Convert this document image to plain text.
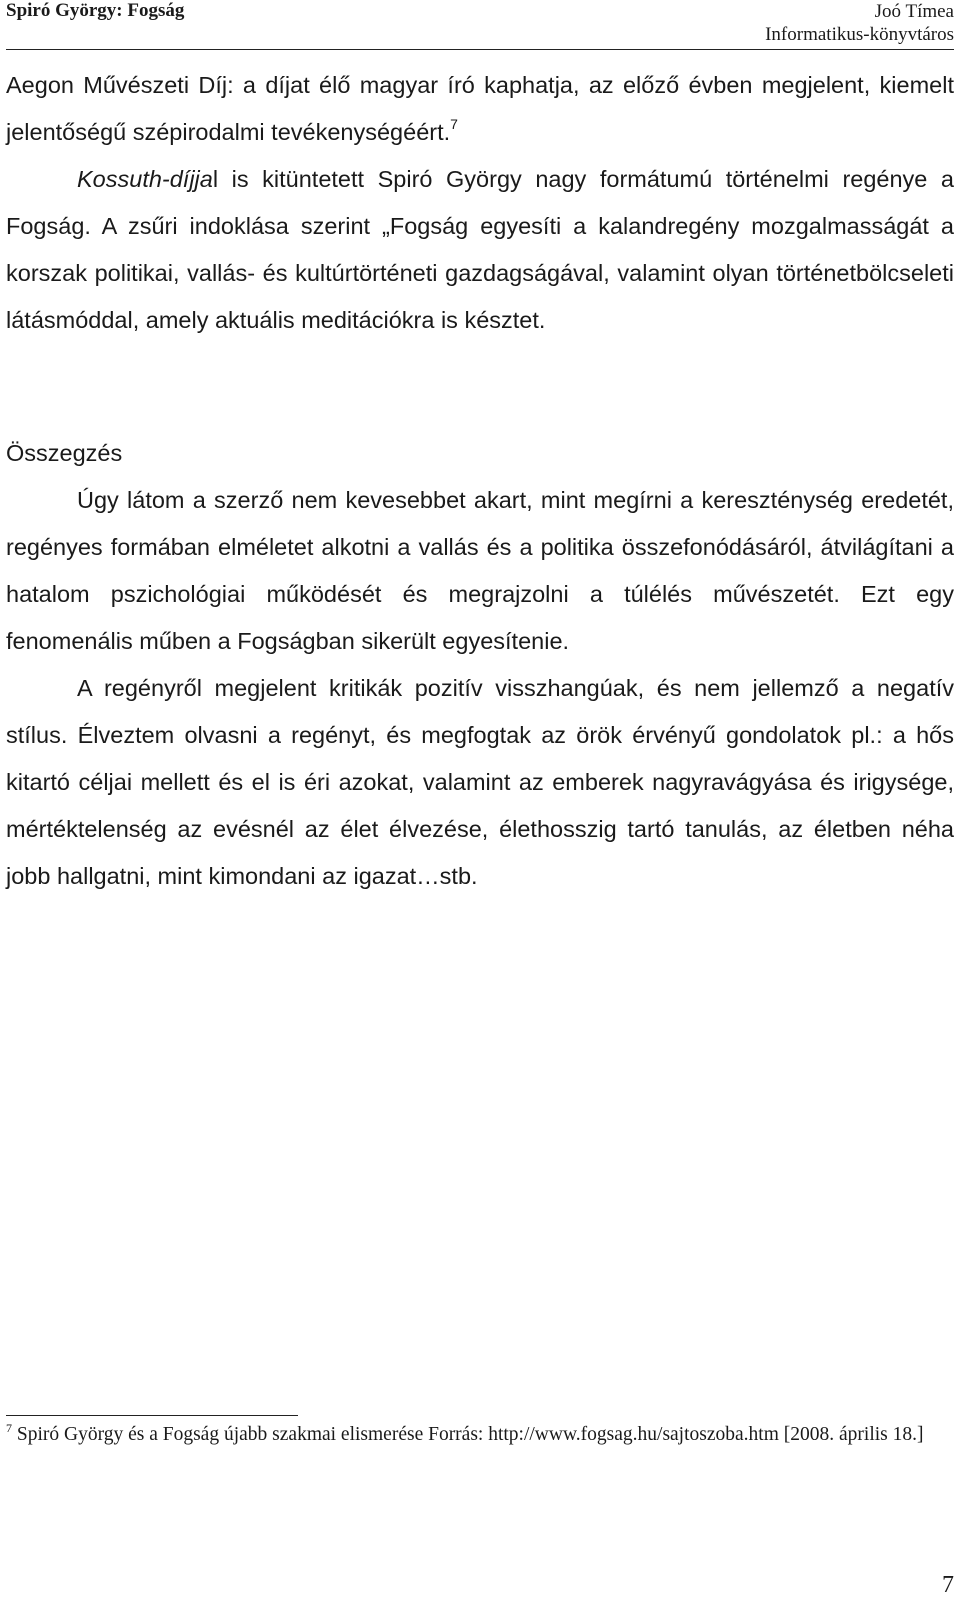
Spiró György: Fogság	Joó Tímea
Informatikus-könyvtáros

Aegon Művészeti Díj: a díjat élő magyar író kaphatja, az előző évben megjelent, kiemelt jelentőségű szépirodalmi tevékenységéért.$^7$

Kossuth-díjjal is kitüntetett Spiró György nagy formátumú történelmi regénye a Fogság. A zsűri indoklása szerint „Fogság egyesíti a kalandregény mozgalmasságát a korszak politikai, vallás- és kultúrtörténeti gazdagságával, valamint olyan történetbölcseleti látásmóddal, amely aktuális meditációkra is késztet.

Összegzés

Úgy látom a szerző nem kevesebbet akart, mint megírni a kereszténység eredetét, regényes formában elméletet alkotni a vallás és a politika összefonódásáról, átvilágítani a hatalom pszichológiai működését és megrajzolni a túlélés művészetét. Ezt egy fenomenális műben a Fogságban sikerült egyesítenie.

A regényről megjelent kritikák pozitív visszhangúak, és nem jellemző a negatív stílus. Élveztem olvasni a regényt, és megfogtak az örök érvényű gondolatok pl.: a hős kitartó céljai mellett és el is éri azokat, valamint az emberek nagyravágyása és irigysége, mértéktelenség az evésnél az élet élvezése, élethosszig tartó tanulás, az életben néha jobb hallgatni, mint kimondani az igazat…stb.

$^7$ Spiró György és a Fogság újabb szakmai elismerése Forrás: http://www.fogsag.hu/sajtoszoba.htm [2008. április 18.]
7
